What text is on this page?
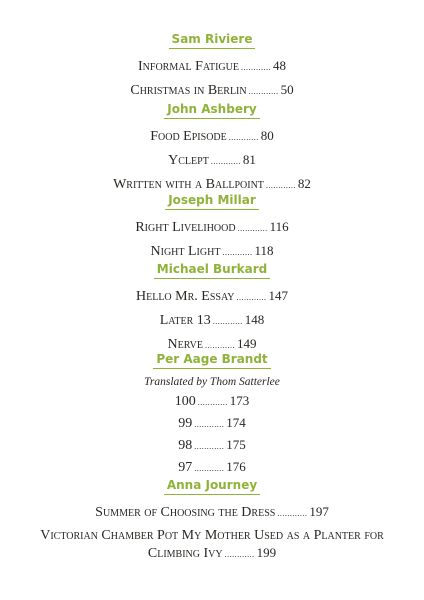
Sam Riviere
Informal Fatigue ............ 48
Christmas in Berlin ............ 50
John Ashbery
Food Episode ............ 80
Yclept ............ 81
Written with a Ballpoint ............ 82
Joseph Millar
Right Livelihood ............ 116
Night Light ............ 118
Michael Burkard
Hello Mr. Essay ............ 147
Later 13 ............ 148
Nerve ............ 149
Per Aage Brandt
Translated by Thom Satterlee
100 ............ 173
99 ............ 174
98 ............ 175
97 ............ 176
Anna Journey
Summer of Choosing the Dress ............ 197
Victorian Chamber Pot My Mother Used as a Planter for Climbing Ivy ............ 199
